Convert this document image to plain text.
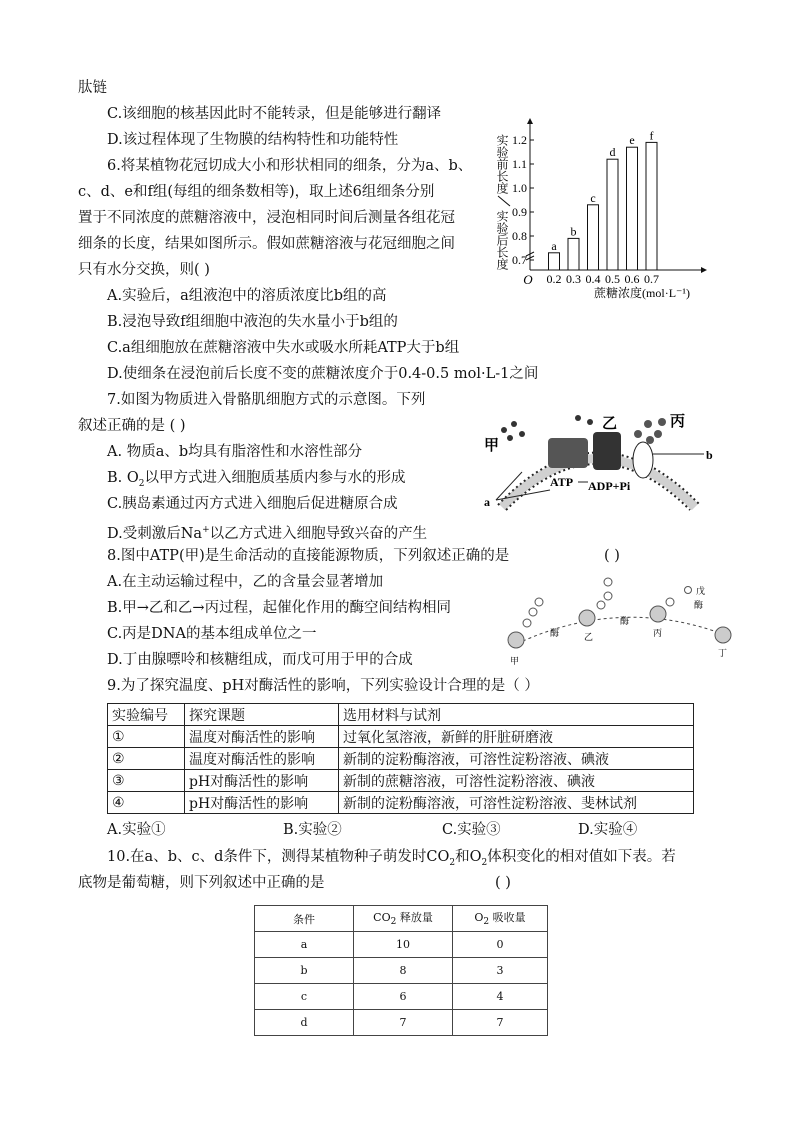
肽链
C.该细胞的核基因此时不能转录，但是能够进行翻译
D.该过程体现了生物膜的结构特性和功能特性
6.将某植物花冠切成大小和形状相同的细条，分为a、b、
c、d、e和f组(每组的细条数相等)，取上述6组细条分别
置于不同浓度的蔗糖溶液中，浸泡相同时间后测量各组花冠
细条的长度，结果如图所示。假如蔗糖溶液与花冠细胞之间
只有水分交换，则( )
A.实验后，a组液泡中的溶质浓度比b组的高
B.浸泡导致f组细胞中液泡的失水量小于b组的
C.a组细胞放在蔗糖溶液中失水或吸水所耗ATP大于b组
D.使细条在浸泡前后长度不变的蔗糖浓度介于0.4-0.5 mol·L-1之间
实验前长度
实验后长度
O
蔗糖浓度(mol·L⁻¹)
0.7
0.8
0.9
1.0
1.1
1.2
a
0.2
b
0.3
c
0.4
d
0.5
e
0.6
f
0.7
7.如图为物质进入骨骼肌细胞方式的示意图。下列
叙述正确的是 ( )
A. 物质a、b均具有脂溶性和水溶性部分
B. $O_2$以甲方式进入细胞质基质内参与水的形成
C.胰岛素通过丙方式进入细胞后促进糖原合成
D.受刺激后Na+以乙方式进入细胞导致兴奋的产生
甲
乙	丙
b
a
ATP ADP+Pi
8.图中ATP(甲)是生命活动的直接能源物质，下列叙述正确的是	( )
A.在主动运输过程中，乙的含量会显著增加
B.甲→乙和乙→丙过程，起催化作用的酶空间结构相同
C.丙是DNA的基本组成单位之一
D.丁由腺嘌呤和核糖组成，而戊可用于甲的合成	甲
酶	乙
酶
丙
戊
酶
丁
9.为了探究温度、pH对酶活性的影响，下列实验设计合理的是（ ）
实验编号	探究课题	选用材料与试剂
①	温度对酶活性的影响	过氧化氢溶液，新鲜的肝脏研磨液
②	温度对酶活性的影响	新制的淀粉酶溶液，可溶性淀粉溶液、碘液
③	pH对酶活性的影响	新制的蔗糖溶液，可溶性淀粉溶液、碘液
④	pH对酶活性的影响	新制的淀粉酶溶液，可溶性淀粉溶液、斐林试剂
A.实验①	B.实验②	C.实验③	D.实验④
10.在a、b、c、d条件下，测得某植物种子萌发时$CO_2$和$O_2$体积变化的相对值如下表。若
底物是葡萄糖，则下列叙述中正确的是	( )
条件	$CO_2$ 释放量	$O_2$ 吸收量
a	10	0
b	8	3
c	6	4
d	7	7
